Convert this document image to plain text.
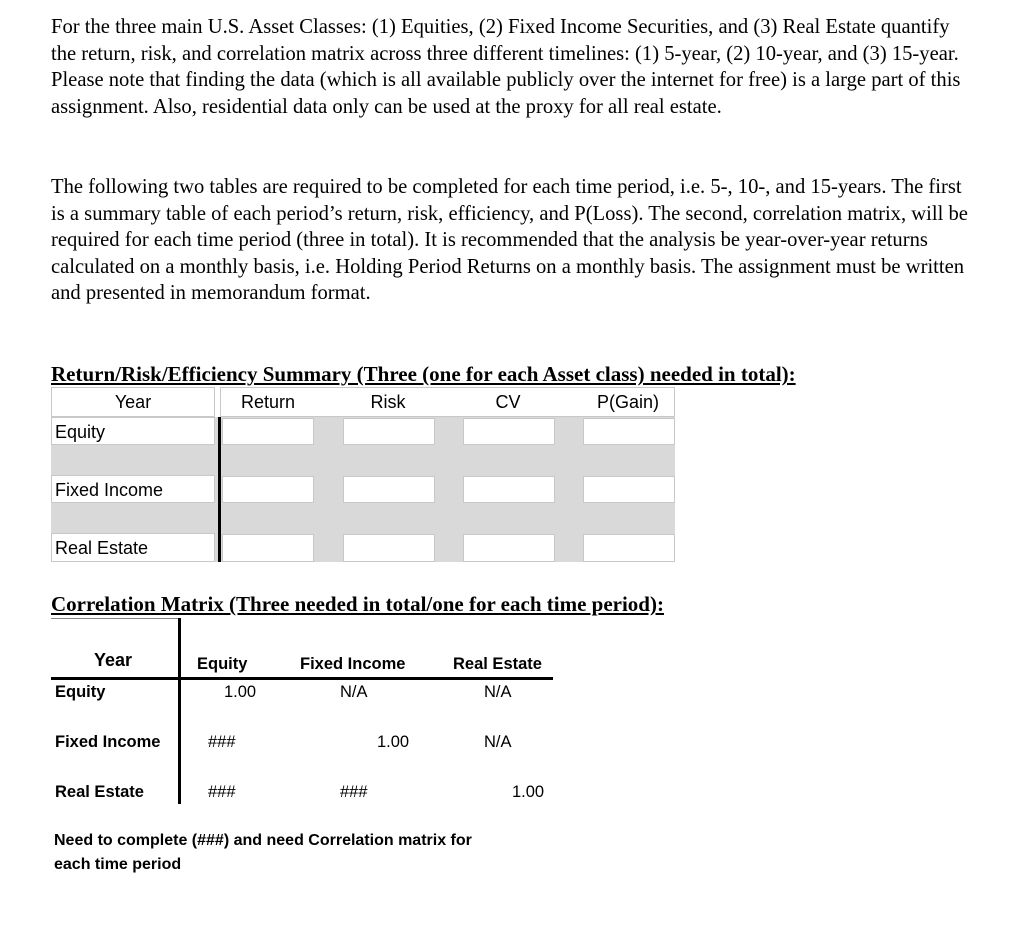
For the three main U.S. Asset Classes: (1) Equities, (2) Fixed Income Securities, and (3) Real Estate quantify the return, risk, and correlation matrix across three different timelines: (1) 5-year, (2) 10-year, and (3) 15-year. Please note that finding the data (which is all available publicly over the internet for free) is a large part of this assignment. Also, residential data only can be used at the proxy for all real estate.

The following two tables are required to be completed for each time period, i.e. 5-, 10-, and 15-years. The first is a summary table of each period’s return, risk, efficiency, and P(Loss). The second, correlation matrix, will be required for each time period (three in total). It is recommended that the analysis be year-over-year returns calculated on a monthly basis, i.e. Holding Period Returns on a monthly basis. The assignment must be written and presented in memorandum format.

Return/Risk/Efficiency Summary (Three (one for each Asset class) needed in total):
Year	Return	Risk	CV	P(Gain)
Equity
Fixed Income
Real Estate
Correlation Matrix (Three needed in total/one for each time period):
Year	Equity	Fixed Income	Real Estate
Equity	1.00	N/A	N/A
Fixed Income	###	1.00	N/A
Real Estate	###	###	1.00
Need to complete (###) and need Correlation matrix for each time period
